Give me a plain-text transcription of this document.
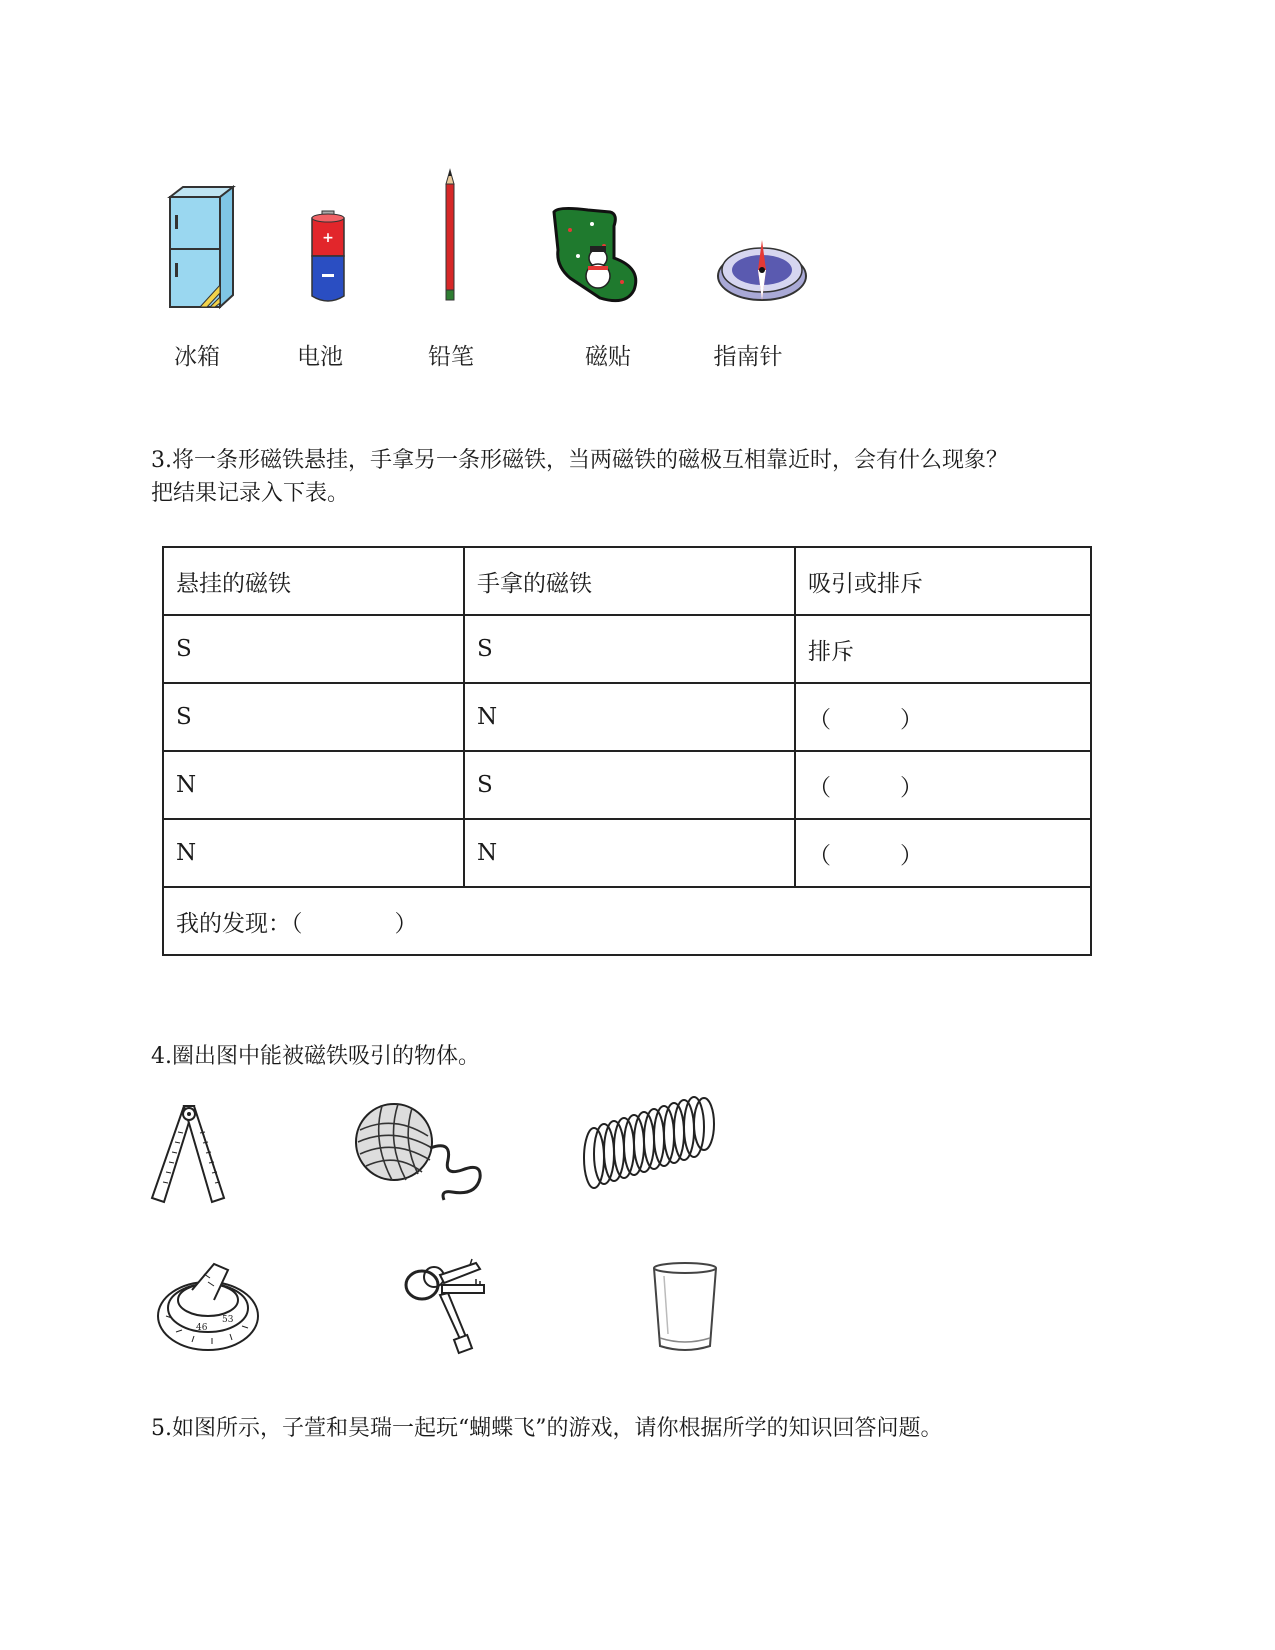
+
冰箱	电池	铅笔	磁贴	指南针
3.将一条形磁铁悬挂，手拿另一条形磁铁，当两磁铁的磁极互相靠近时，会有什么现象？
把结果记录入下表。
悬挂的磁铁	手拿的磁铁	吸引或排斥
S	S	排斥
S	N	（　　　）
N	S	（　　　）
N	N	（　　　）
我的发现：（　　　　）		
4.圈出图中能被磁铁吸引的物体。
53
46
5.如图所示，子萱和昊瑞一起玩“蝴蝶飞”的游戏，请你根据所学的知识回答问题。
